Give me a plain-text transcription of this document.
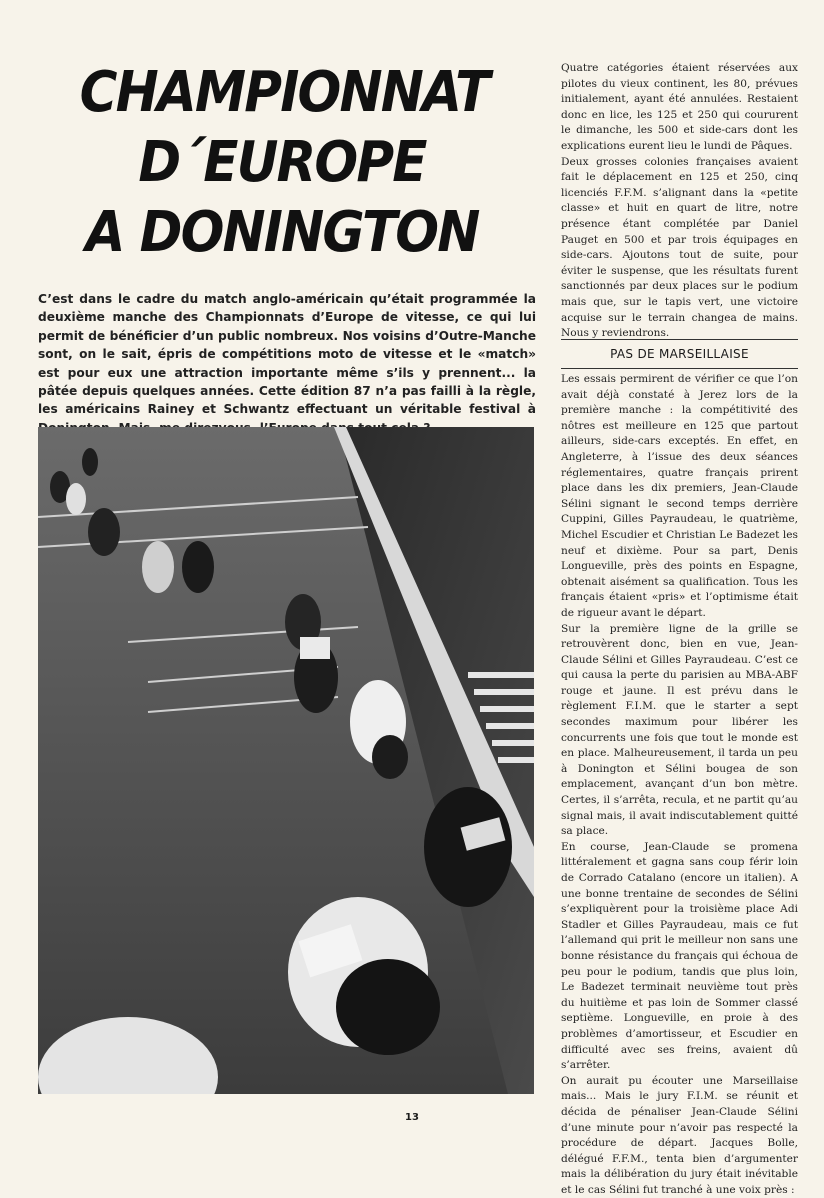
CHAMPIONNAT
D´EUROPE
A DONINGTON
C’est dans le cadre du match anglo-américain qu’était programmée la deuxième manche des Championnats d’Europe de vitesse, ce qui lui permit de bénéficier d’un public nombreux. Nos voisins d’Outre-Manche sont, on le sait, épris de compétitions moto de vitesse et le «match» est pour eux une attraction importante même s’ils y prennent... la pâtée depuis quelques années. Cette édition 87 n’a pas failli à la règle, les américains Rainey et Schwantz effectuant un véritable festival à

Quatre catégories étaient réservées aux pilotes du vieux continent, les 80, prévues initialement, ayant été annulées. Restaient donc en lice, les 125 et 250 qui coururent le dimanche, les 500 et side-cars dont les explications eurent lieu le lundi de Pâques.

Deux grosses colonies françaises avaient fait le déplacement en 125 et 250, cinq licenciés F.F.M. s’alignant dans la «petite classe» et huit en quart de litre, notre présence étant complétée par Daniel Pauget en 500 et par trois équipages en side-cars. Ajoutons tout de suite, pour éviter le suspense, que les résultats furent sanctionnés par deux places sur le podium mais que, sur le tapis vert, une victoire acquise sur le terrain changea de mains. Nous y reviendrons.

PAS DE MARSEILLAISE

Les essais permirent de vérifier ce que l’on avait déjà constaté à Jerez lors de la première manche : la compétitivité des nôtres est meilleure en 125 que partout ailleurs, side-cars exceptés. En effet, en Angleterre, à l’issue des deux séances réglementaires, quatre français prirent place dans les dix premiers, Jean-Claude Sélini signant le second temps derrière Cuppini, Gilles Payraudeau, le quatrième, Michel Escudier et Christian Le Badezet les neuf et dixième. Pour sa part, Denis Longueville, près des points en Espagne, obtenait aisément sa qualification. Tous les français étaient «pris» et l’optimisme était de rigueur avant le départ.

Sur la première ligne de la grille se retrouvèrent donc, bien en vue, Jean-Claude Sélini et Gilles Payraudeau. C’est ce qui causa la perte du parisien au MBA-ABF rouge et jaune. Il est prévu dans le règlement F.I.M. que le starter a sept secondes maximum pour libérer les concurrents une fois que tout le monde est en place. Malheureusement, il tarda un peu à Donington et Sélini bougea de son emplacement, avançant d’un bon mètre. Certes, il s’arrêta, recula, et ne partit qu’au signal mais, il avait indiscutablement quitté sa place.

En course, Jean-Claude se promena littéralement et gagna sans coup férir loin de Corrado Catalano (encore un italien). A une bonne trentaine de secondes de Sélini s’expliquèrent pour la troisième place Adi Stadler et Gilles Payraudeau, mais ce fut l’allemand qui prit le meilleur non sans une bonne résistance du français qui échoua de peu pour le podium, tandis que plus loin, Le Badezet terminait neuvième tout près du huitième et pas loin de Sommer classé septième. Longueville, en proie à des problèmes d’amortisseur, et Escudier en difficulté avec ses freins, avaient dû s’arrêter.

On aurait pu écouter une Marseillaise mais... Mais le jury F.I.M. se réunit et décida de pénaliser Jean-Claude Sélini d’une minute pour n’avoir pas respecté la procédure de départ. Jacques Bolle, délégué F.F.M., tenta bien d’argumenter mais la délibération du jury était inévitable et le cas Sélini fut tranché à une voix près :

13
